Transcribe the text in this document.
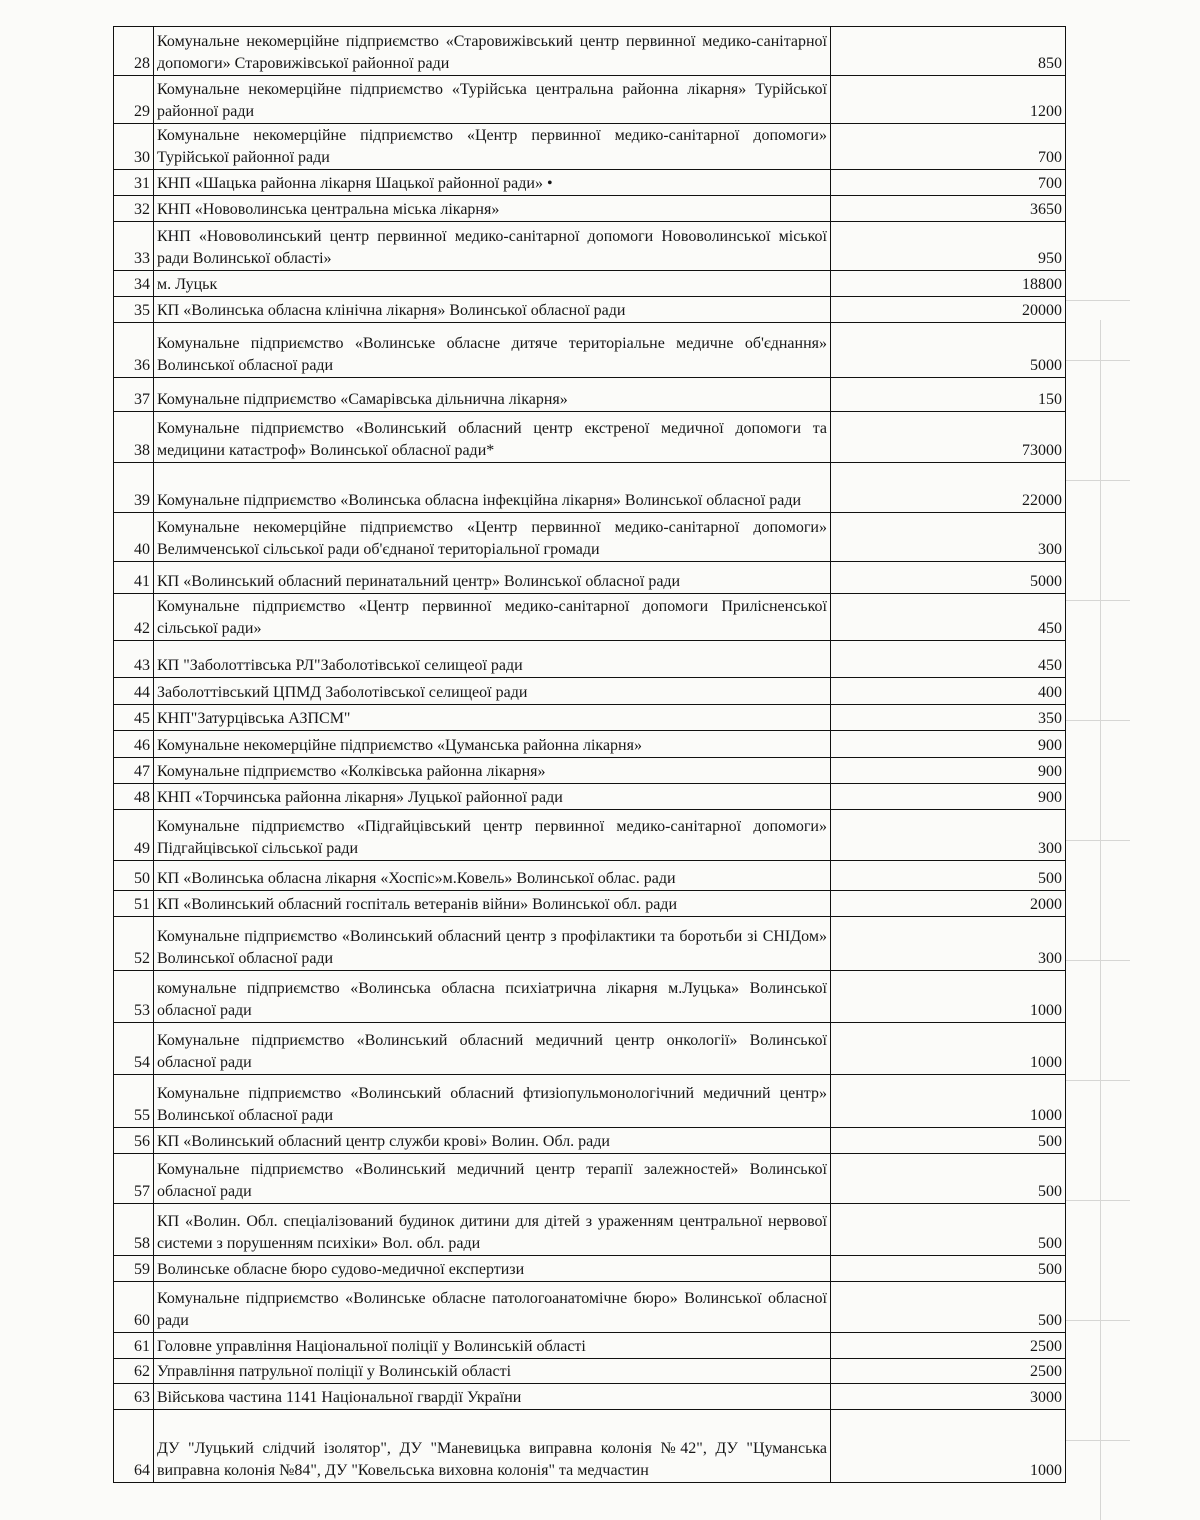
28	Комунальне некомерційне підприємство «Старовижівський центр первинної медико-санітарної допомоги» Старовижівської районної ради	850
29	Комунальне некомерційне підприємство «Турійська центральна районна лікарня» Турійської районної ради	1200
30	Комунальне некомерційне підприємство «Центр первинної медико-санітарної допомоги» Турійської районної ради	700
31	КНП «Шацька районна лікарня Шацької районної ради» •	700
32	КНП «Нововолинська центральна міська лікарня»	3650
33	КНП «Нововолинський центр первинної медико-санітарної допомоги Нововолинської міської ради Волинської області»	950
34	м. Луцьк	18800
35	КП «Волинська обласна клінічна лікарня» Волинської обласної ради	20000
36	Комунальне підприємство «Волинське обласне дитяче територіальне медичне об'єднання» Волинської обласної ради	5000
37	Комунальне підприємство «Самарівська дільнична лікарня»	150
38	Комунальне підприємство «Волинський обласний центр екстреної медичної допомоги та медицини катастроф» Волинської обласної ради*	73000
39	Комунальне підприємство «Волинська обласна інфекційна лікарня» Волинської обласної ради	22000
40	Комунальне некомерційне підприємство «Центр первинної медико-санітарної допомоги» Велимченської сільської ради об'єднаної територіальної громади	300
41	КП «Волинський обласний перинатальний центр» Волинської обласної ради	5000
42	Комунальне підприємство «Центр первинної медико-санітарної допомоги Прилісненської сільської ради»	450
43	КП "Заболоттівська РЛ"Заболотівської селищеої ради	450
44	Заболоттівський ЦПМД Заболотівської селищеої ради	400
45	КНП"Затурцівська АЗПСМ"	350
46	Комунальне некомерційне підприємство «Цуманська районна лікарня»	900
47	Комунальне підприємство «Колківська районна лікарня»	900
48	КНП «Торчинська районна лікарня» Луцької районної ради	900
49	Комунальне підприємство «Підгайцівський центр первинної медико-санітарної допомоги» Підгайцівської сільської ради	300
50	КП «Волинська обласна лікарня «Хоспіс»м.Ковель» Волинської облас. ради	500
51	КП «Волинський обласний госпіталь ветеранів війни» Волинської обл. ради	2000
52	Комунальне підприємство «Волинський обласний центр з профілактики та боротьби зі СНІДом» Волинської обласної ради	300
53	комунальне підприємство «Волинська обласна психіатрична лікарня м.Луцька» Волинської обласної ради	1000
54	Комунальне підприємство «Волинський обласний медичний центр онкології» Волинської обласної ради	1000
55	Комунальне підприємство «Волинський обласний фтизіопульмонологічний медичний центр» Волинської обласної ради	1000
56	КП «Волинський обласний центр служби крові» Волин. Обл. ради	500
57	Комунальне підприємство «Волинський медичний центр терапії залежностей» Волинської обласної ради	500
58	КП «Волин. Обл. спеціалізований будинок дитини для дітей з ураженням центральної нервової системи з порушенням психіки» Вол. обл. ради	500
59	Волинське обласне бюро судово-медичної експертизи	500
60	Комунальне підприємство «Волинське обласне патологоанатомічне бюро» Волинської обласної ради	500
61	Головне управління Національної поліції у Волинській області	2500
62	Управління патрульної поліції у Волинській області	2500
63	Військова частина 1141 Національної гвардії України	3000
64	ДУ "Луцький слідчий ізолятор", ДУ "Маневицька виправна колонія №42", ДУ "Цуманська виправна колонія №84", ДУ "Ковельська виховна колонія" та медчастин	1000
